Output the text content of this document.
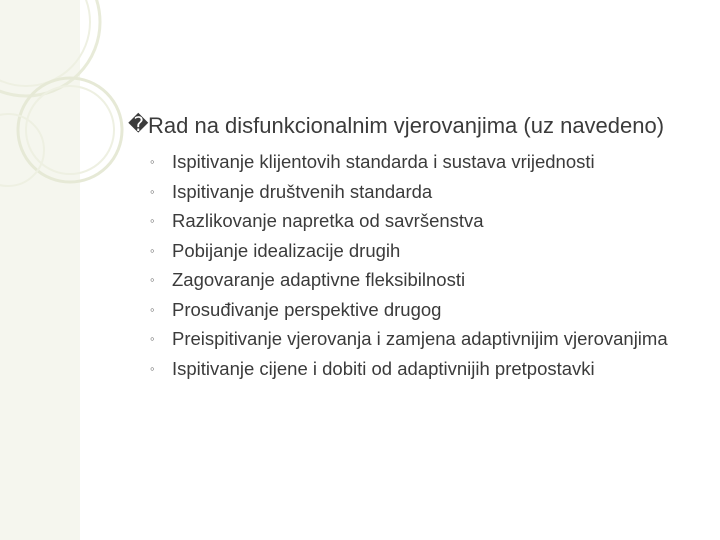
� Rad na disfunkcionalnim vjerovanjima (uz navedeno)

◦ Ispitivanje klijentovih standarda i sustava vrijednosti
◦ Ispitivanje društvenih standarda
◦ Razlikovanje napretka od savršenstva
◦ Pobijanje idealizacije drugih
◦ Zagovaranje adaptivne fleksibilnosti
◦ Prosuđivanje perspektive drugog
◦ Preispitivanje vjerovanja i zamjena adaptivnijim vjerovanjima
◦ Ispitivanje cijene i dobiti od adaptivnijih pretpostavki
